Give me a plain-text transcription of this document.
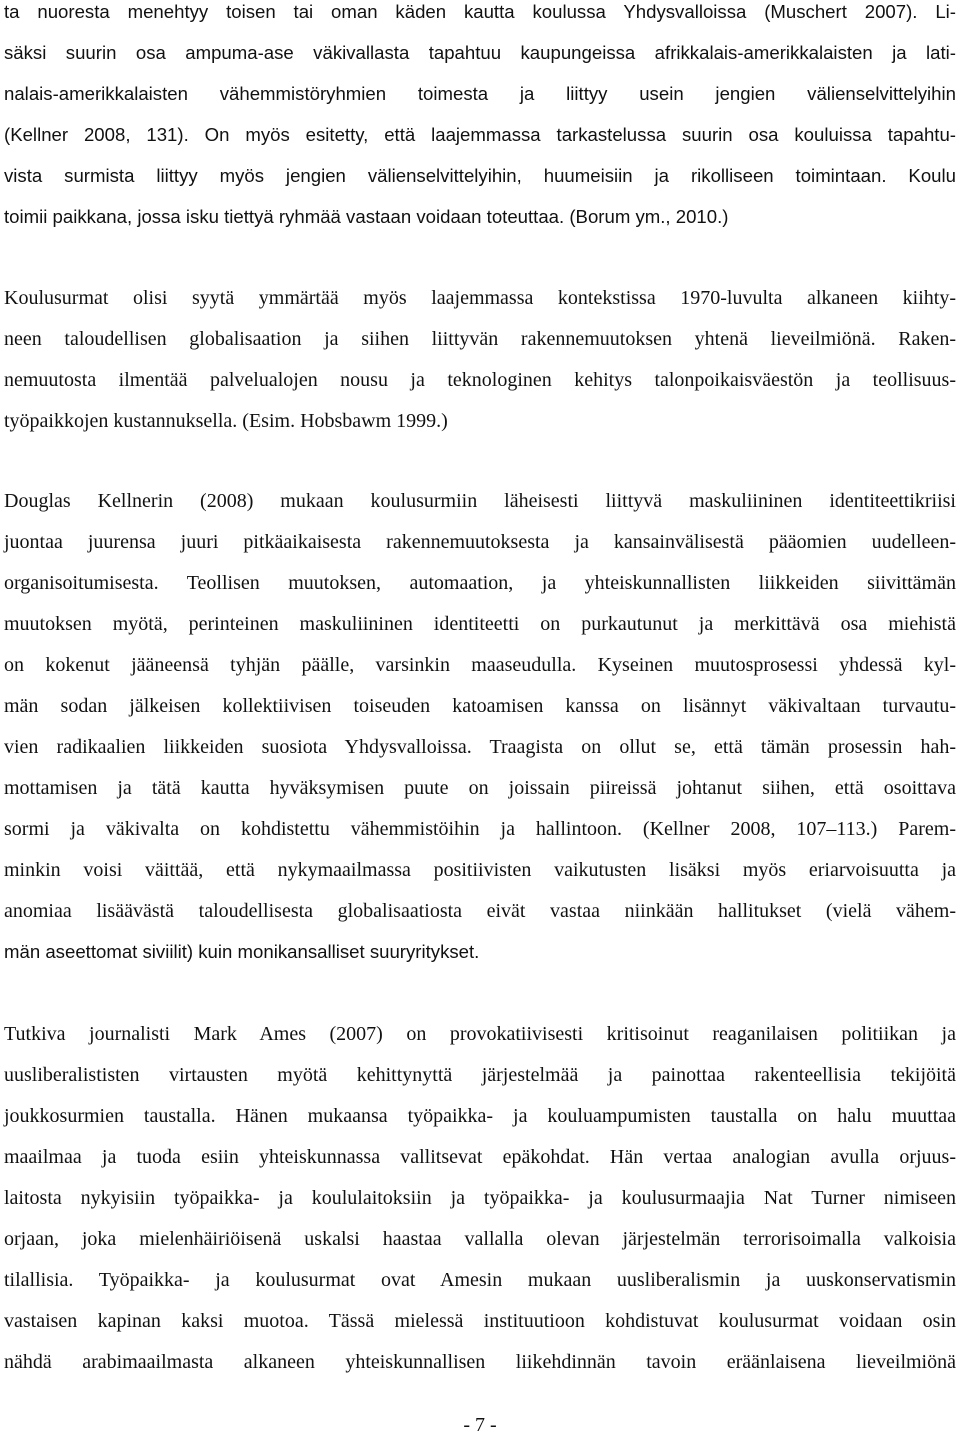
ta nuoresta menehtyy toisen tai oman käden kautta koulussa Yhdysvalloissa (Muschert 2007). Li-
säksi suurin osa ampuma-ase väkivallasta tapahtuu kaupungeissa afrikkalais-amerikkalaisten ja lati-
nalais-amerikkalaisten vähemmistöryhmien toimesta ja liittyy usein jengien välienselvittelyihin
(Kellner 2008, 131). On myös esitetty, että laajemmassa tarkastelussa suurin osa kouluissa tapahtu-
vista surmista liittyy myös jengien välienselvittelyihin, huumeisiin ja rikolliseen toimintaan. Koulu
toimii paikkana, jossa isku tiettyä ryhmää vastaan voidaan toteuttaa. (Borum ym., 2010.)
Koulusurmat olisi syytä ymmärtää myös laajemmassa kontekstissa 1970-luvulta alkaneen kiihty-
neen taloudellisen globalisaation ja siihen liittyvän rakennemuutoksen yhtenä lieveilmiönä. Raken-
nemuutosta ilmentää palvelualojen nousu ja teknologinen kehitys talonpoikaisväestön ja teollisuus-
työpaikkojen kustannuksella. (Esim. Hobsbawm 1999.)
Douglas Kellnerin (2008) mukaan koulusurmiin läheisesti liittyvä maskuliininen identiteettikriisi
juontaa juurensa juuri pitkäaikaisesta rakennemuutoksesta ja kansainvälisestä pääomien uudelleen-
organisoitumisesta. Teollisen muutoksen, automaation, ja yhteiskunnallisten liikkeiden siivittämän
muutoksen myötä, perinteinen maskuliininen identiteetti on purkautunut ja merkittävä osa miehistä
on kokenut jääneensä tyhjän päälle, varsinkin maaseudulla. Kyseinen muutosprosessi yhdessä kyl-
män sodan jälkeisen kollektiivisen toiseuden katoamisen kanssa on lisännyt väkivaltaan turvautu-
vien radikaalien liikkeiden suosiota Yhdysvalloissa. Traagista on ollut se, että tämän prosessin hah-
mottamisen ja tätä kautta hyväksymisen puute on joissain piireissä johtanut siihen, että osoittava
sormi ja väkivalta on kohdistettu vähemmistöihin ja hallintoon. (Kellner 2008, 107–113.) Parem-
minkin voisi väittää, että nykymaailmassa positiivisten vaikutusten lisäksi myös eriarvoisuutta ja
anomiaa lisäävästä taloudellisesta globalisaatiosta eivät vastaa niinkään hallitukset (vielä vähem-
män aseettomat siviilit) kuin monikansalliset suuryritykset.
Tutkiva journalisti Mark Ames (2007) on provokatiivisesti kritisoinut reaganilaisen politiikan ja
uusliberalististen virtausten myötä kehittynyttä järjestelmää ja painottaa rakenteellisia tekijöitä
joukkosurmien taustalla. Hänen mukaansa työpaikka- ja kouluampumisten taustalla on halu muuttaa
maailmaa ja tuoda esiin yhteiskunnassa vallitsevat epäkohdat. Hän vertaa analogian avulla orjuus-
laitosta nykyisiin työpaikka- ja koululaitoksiin ja työpaikka- ja koulusurmaajia Nat Turner nimiseen
orjaan, joka mielenhäiriöisenä uskalsi haastaa vallalla olevan järjestelmän terrorisoimalla valkoisia
tilallisia. Työpaikka- ja koulusurmat ovat Amesin mukaan uusliberalismin ja uuskonservatismin
vastaisen kapinan kaksi muotoa. Tässä mielessä instituutioon kohdistuvat koulusurmat voidaan osin
nähdä arabimaailmasta alkaneen yhteiskunnallisen liikehdinnän tavoin eräänlaisena lieveilmiönä
- 7 -
